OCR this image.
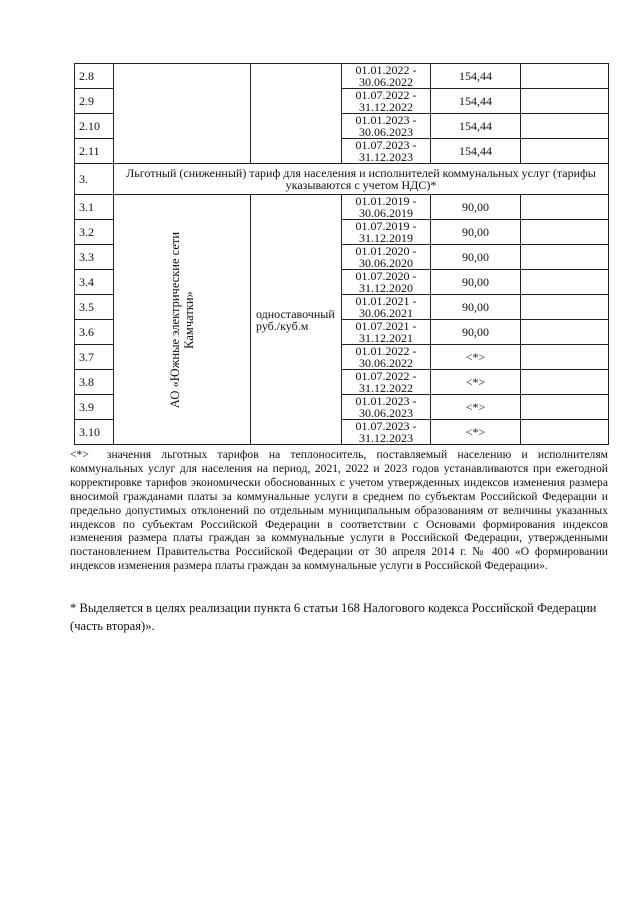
2.8			01.01.2022 -
30.06.2022	154,44	
2.9			01.07.2022 -
31.12.2022	154,44	
2.10			01.01.2023 -
30.06.2023	154,44	
2.11			01.07.2023 -
31.12.2023	154,44	
3.	Льготный (сниженный) тариф для населения и исполнителей коммунальных услуг (тарифы указываются с учетом НДС)*				
3.1	АО «Южные электрические сети Камчатки»	одноставочный руб./куб.м	01.01.2019 -
30.06.2019	90,00	
3.2			01.07.2019 -
31.12.2019	90,00	
3.3			01.01.2020 -
30.06.2020	90,00	
3.4			01.07.2020 -
31.12.2020	90,00	
3.5			01.01.2021 -
30.06.2021	90,00	
3.6			01.07.2021 -
31.12.2021	90,00	
3.7			01.01.2022 -
30.06.2022	<*>	
3.8			01.07.2022 -
31.12.2022	<*>	
3.9			01.01.2023 -
30.06.2023	<*>	
3.10			01.07.2023 -
31.12.2023	<*>	

<*> значения льготных тарифов на теплоноситель, поставляемый населению и исполнителям коммунальных услуг для населения на период, 2021, 2022 и 2023 годов устанавливаются при ежегодной корректировке тарифов экономически обоснованных с учетом утвержденных индексов изменения размера вносимой гражданами платы за коммунальные услуги в среднем по субъектам Российской Федерации и предельно допустимых отклонений по отдельным муниципальным образованиям от величины указанных индексов по субъектам Российской Федерации в соответствии с Основами формирования индексов изменения размера платы граждан за коммунальные услуги в Российской Федерации, утвержденными постановлением Правительства Российской Федерации от 30 апреля 2014 г. № 400 «О формировании индексов изменения размера платы граждан за коммунальные услуги в Российской Федерации».

* Выделяется в целях реализации пункта 6 статьи 168 Налогового кодекса Российской Федерации (часть вторая)».
